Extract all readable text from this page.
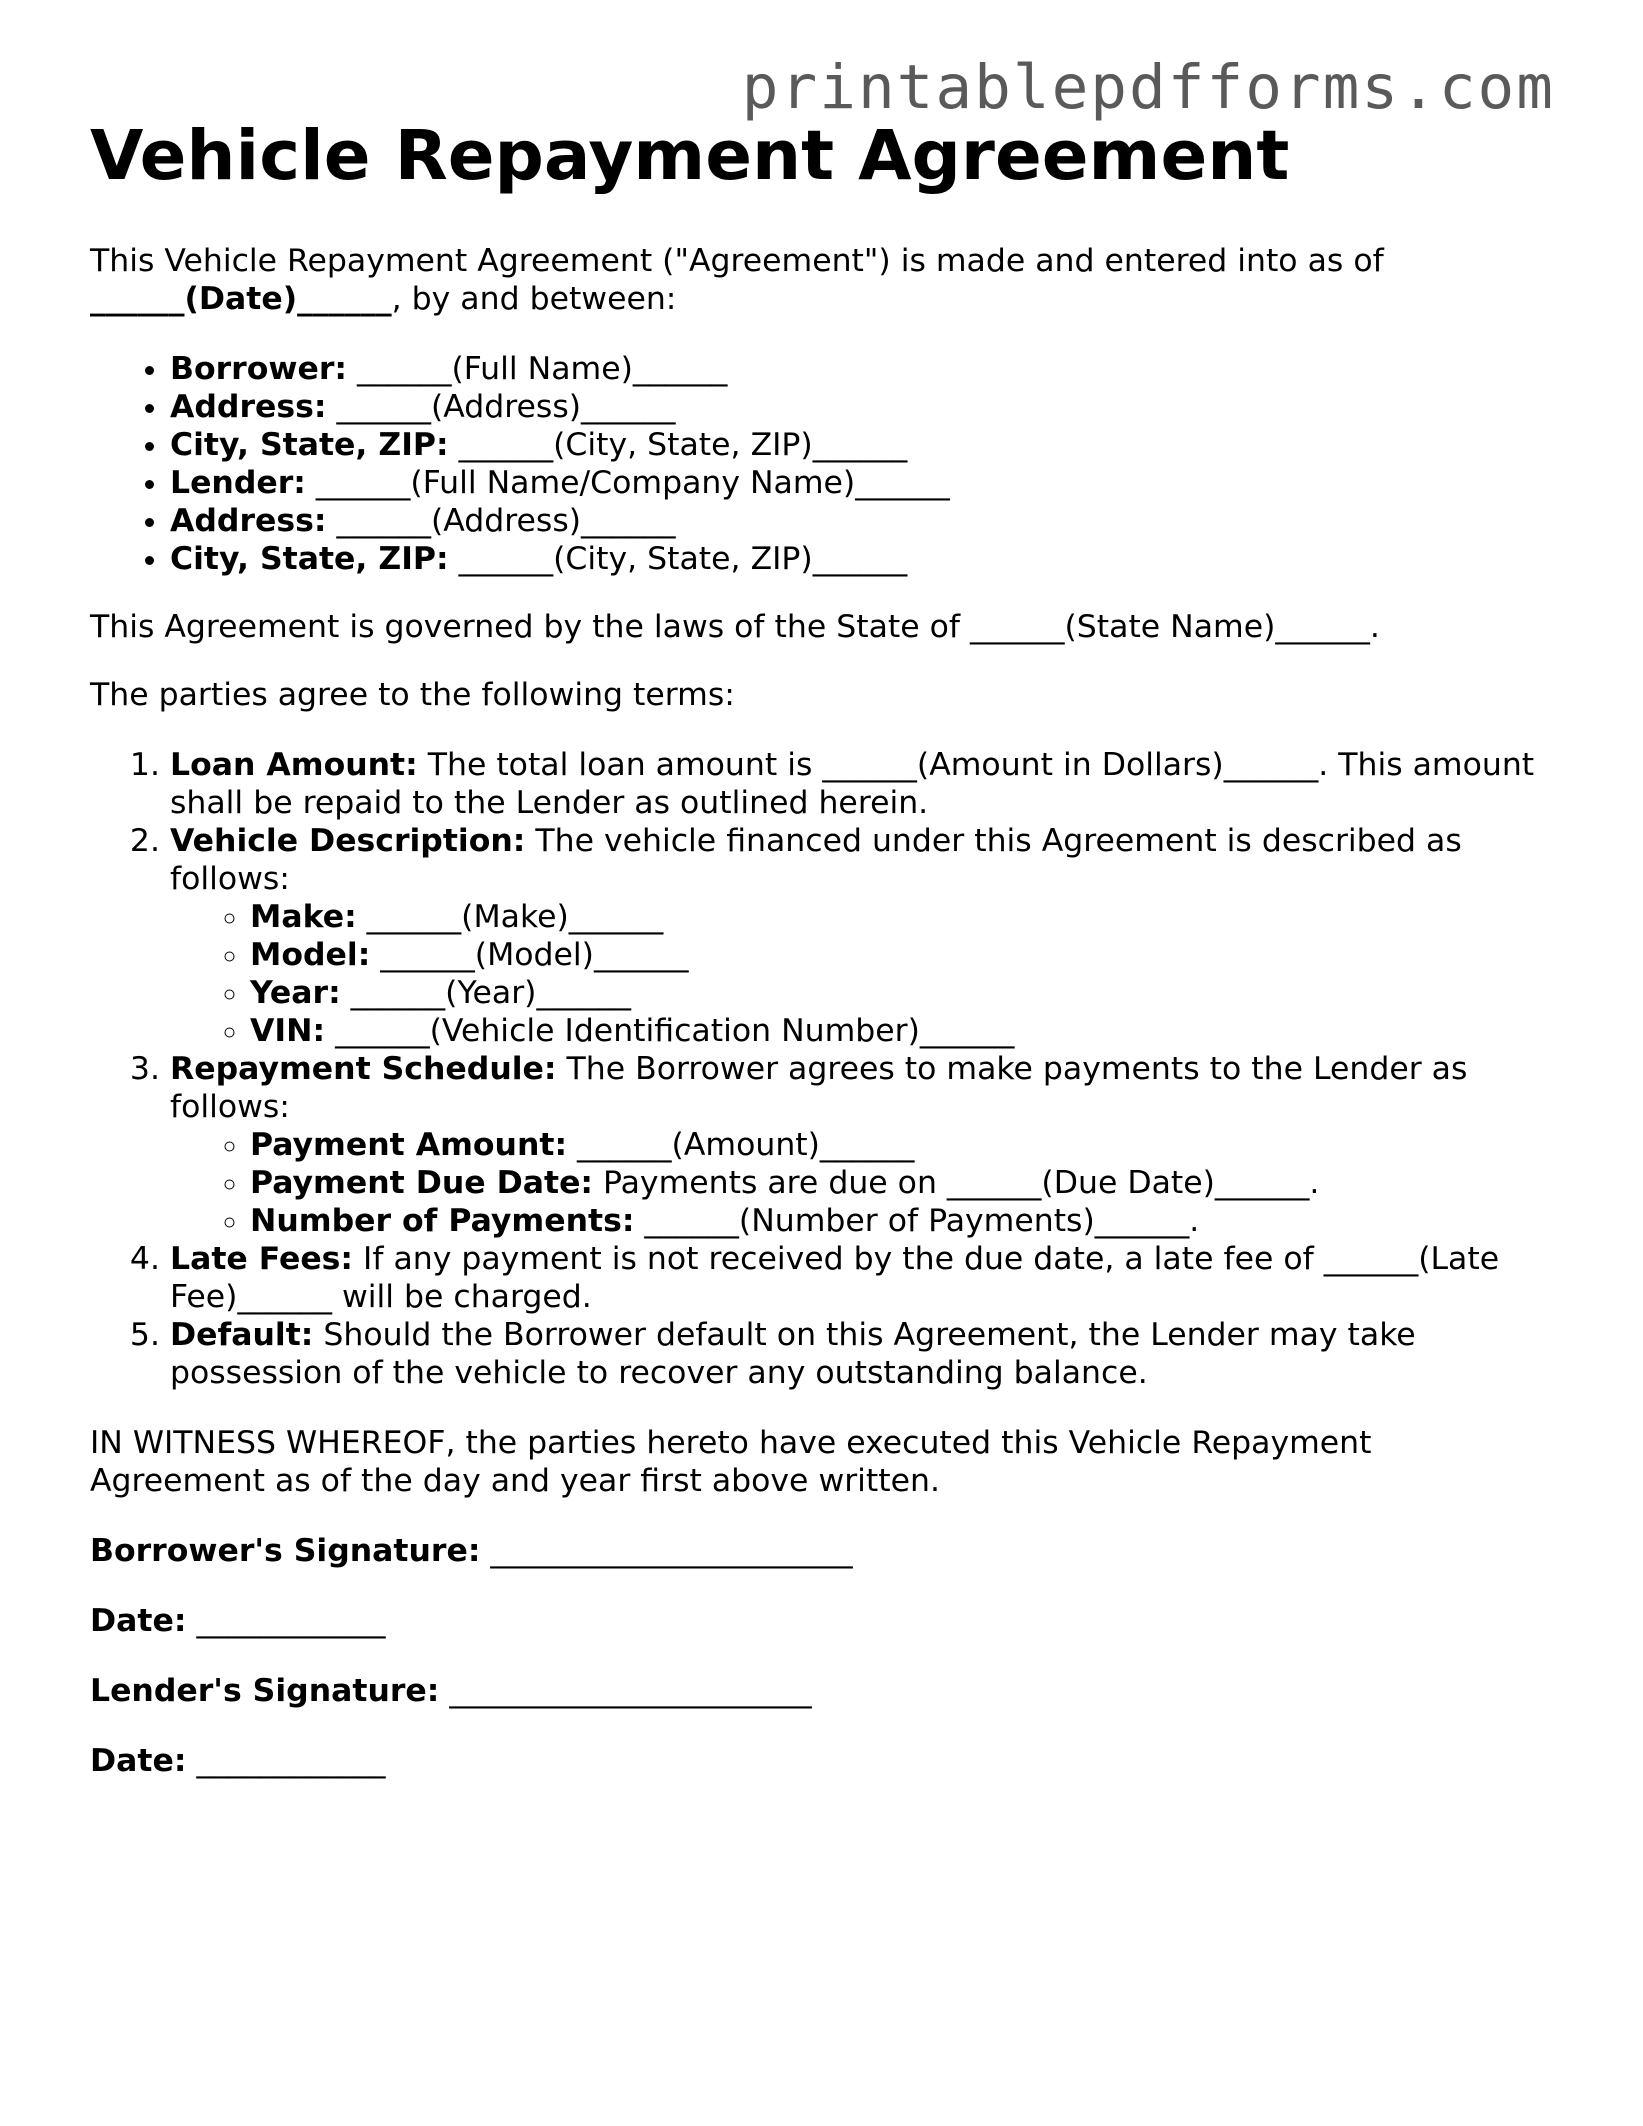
printablepdfforms.com
Vehicle Repayment Agreement

This Vehicle Repayment Agreement ("Agreement") is made and entered into as of
______(Date)______, by and between:

• Borrower: ______(Full Name)______
• Address: ______(Address)______
• City, State, ZIP: ______(City, State, ZIP)______
• Lender: ______(Full Name/Company Name)______
• Address: ______(Address)______
• City, State, ZIP: ______(City, State, ZIP)______

This Agreement is governed by the laws of the State of ______(State Name)______.

The parties agree to the following terms:

1. Loan Amount: The total loan amount is ______(Amount in Dollars)______. This amount shall be repaid to the Lender as outlined herein.
2. Vehicle Description: The vehicle financed under this Agreement is described as follows:
◦ Make: ______(Make)______
◦ Model: ______(Model)______
◦ Year: ______(Year)______
◦ VIN: ______(Vehicle Identification Number)______
3. Repayment Schedule: The Borrower agrees to make payments to the Lender as follows:
◦ Payment Amount: ______(Amount)______
◦ Payment Due Date: Payments are due on ______(Due Date)______.
◦ Number of Payments: ______(Number of Payments)______.
4. Late Fees: If any payment is not received by the due date, a late fee of ______(Late Fee)______ will be charged.
5. Default: Should the Borrower default on this Agreement, the Lender may take possession of the vehicle to recover any outstanding balance.

IN WITNESS WHEREOF, the parties hereto have executed this Vehicle Repayment Agreement as of the day and year first above written.

Borrower's Signature: _______________________
Date: ____________
Lender's Signature: _______________________
Date: ____________
